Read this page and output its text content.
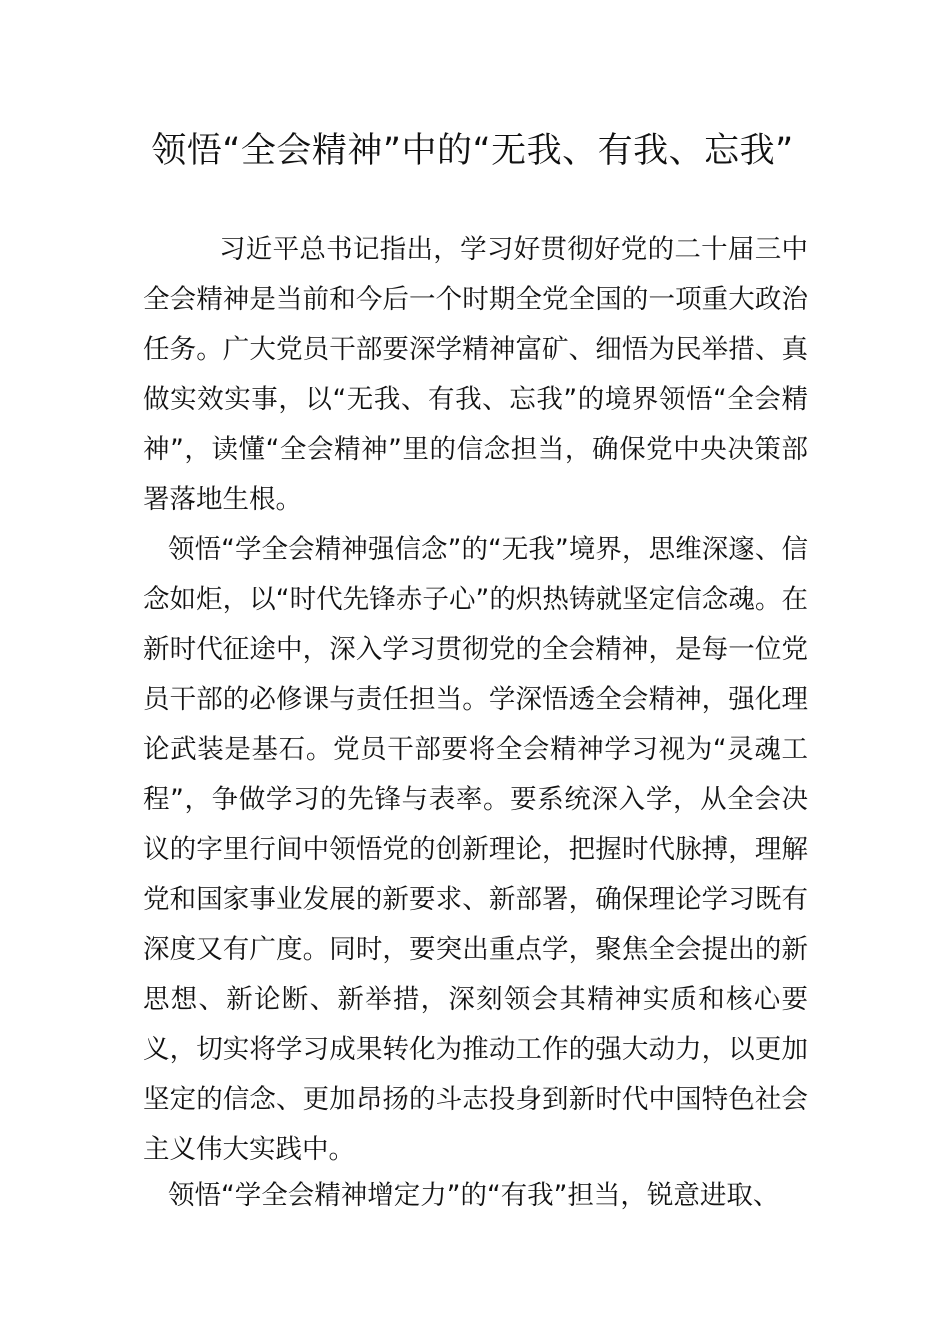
领悟“全会精神”中的“无我、有我、忘我”

习近平总书记指出，学习好贯彻好党的二十届三中全会精神是当前和今后一个时期全党全国的一项重大政治任务。广大党员干部要深学精神富矿、细悟为民举措、真做实效实事，以“无我、有我、忘我”的境界领悟“全会精神”，读懂“全会精神”里的信念担当，确保党中央决策部署落地生根。

领悟“学全会精神强信念”的“无我”境界，思维深邃、信念如炬，以“时代先锋赤子心”的炽热铸就坚定信念魂。在新时代征途中，深入学习贯彻党的全会精神，是每一位党员干部的必修课与责任担当。学深悟透全会精神，强化理论武装是基石。党员干部要将全会精神学习视为“灵魂工程”，争做学习的先锋与表率。要系统深入学，从全会决议的字里行间中领悟党的创新理论，把握时代脉搏，理解党和国家事业发展的新要求、新部署，确保理论学习既有深度又有广度。同时，要突出重点学，聚焦全会提出的新思想、新论断、新举措，深刻领会其精神实质和核心要义，切实将学习成果转化为推动工作的强大动力，以更加坚定的信念、更加昂扬的斗志投身到新时代中国特色社会主义伟大实践中。

领悟“学全会精神增定力”的“有我”担当，锐意进取、
